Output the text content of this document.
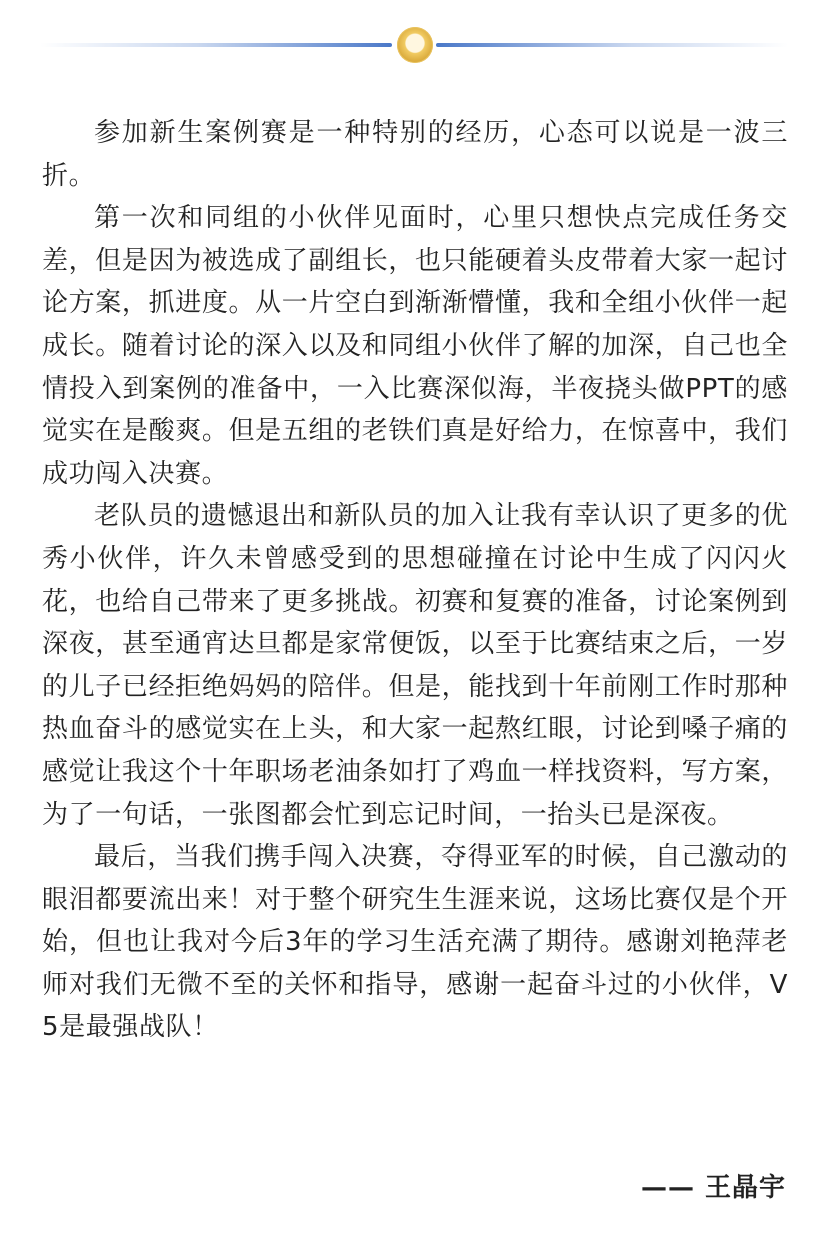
参加新生案例赛是一种特别的经历，心态可以说是一波三折。

第一次和同组的小伙伴见面时，心里只想快点完成任务交差，但是因为被选成了副组长，也只能硬着头皮带着大家一起讨论方案，抓进度。从一片空白到渐渐懵懂，我和全组小伙伴一起成长。随着讨论的深入以及和同组小伙伴了解的加深，自己也全情投入到案例的准备中，一入比赛深似海，半夜挠头做PPT的感觉实在是酸爽。但是五组的老铁们真是好给力，在惊喜中，我们成功闯入决赛。

老队员的遗憾退出和新队员的加入让我有幸认识了更多的优秀小伙伴，许久未曾感受到的思想碰撞在讨论中生成了闪闪火花，也给自己带来了更多挑战。初赛和复赛的准备，讨论案例到深夜，甚至通宵达旦都是家常便饭，以至于比赛结束之后，一岁的儿子已经拒绝妈妈的陪伴。但是，能找到十年前刚工作时那种热血奋斗的感觉实在上头，和大家一起熬红眼，讨论到嗓子痛的感觉让我这个十年职场老油条如打了鸡血一样找资料，写方案，为了一句话，一张图都会忙到忘记时间，一抬头已是深夜。

最后，当我们携手闯入决赛，夺得亚军的时候，自己激动的眼泪都要流出来！对于整个研究生生涯来说，这场比赛仅是个开始，但也让我对今后3年的学习生活充满了期待。感谢刘艳萍老师对我们无微不至的关怀和指导，感谢一起奋斗过的小伙伴，V5是最强战队！

—— 王晶宇
